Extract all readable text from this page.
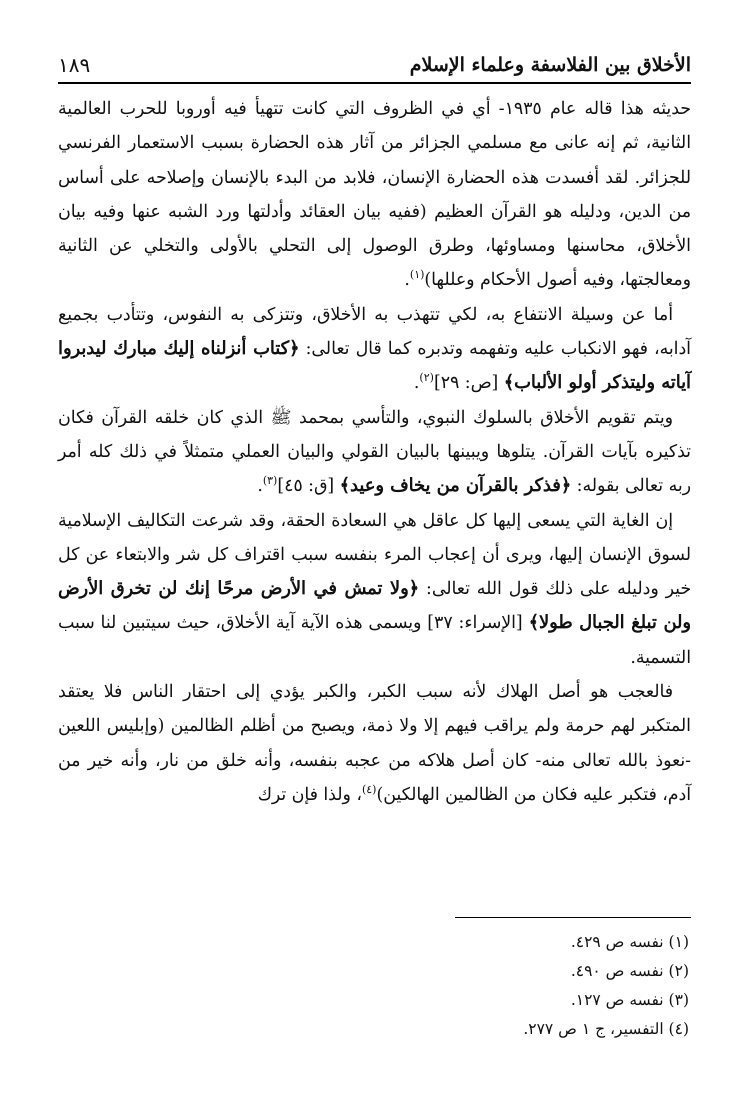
الأخلاق بين الفلاسفة وعلماء الإسلام
١٨٩

حديثه هذا قاله عام ١٩٣٥- أي في الظروف التي كانت تتهيأ فيه أوروبا للحرب العالمية الثانية، ثم إنه عانى مع مسلمي الجزائر من آثار هذه الحضارة بسبب الاستعمار الفرنسي للجزائر. لقد أفسدت هذه الحضارة الإنسان، فلابد من البدء بالإنسان وإصلاحه على أساس من الدين، ودليله هو القرآن العظيم (ففيه بيان العقائد وأدلتها ورد الشبه عنها وفيه بيان الأخلاق، محاسنها ومساوئها، وطرق الوصول إلى التحلي بالأولى والتخلي عن الثانية ومعالجتها، وفيه أصول الأحكام وعللها)$^{(١)}$.

أما عن وسيلة الانتفاع به، لكي تتهذب به الأخلاق، وتتزكى به النفوس، وتتأدب بجميع آدابه، فهو الانكباب عليه وتفهمه وتدبره كما قال تعالى: ﴿كتاب أنزلناه إليك مبارك ليدبروا آياته وليتذكر أولو الألباب﴾ [ص: ٢٩]$^{(٢)}$.

ويتم تقويم الأخلاق بالسلوك النبوي، والتأسي بمحمد ﷺ الذي كان خلقه القرآن فكان تذكيره بآيات القرآن. يتلوها ويبينها بالبيان القولي والبيان العملي متمثلاً في ذلك كله أمر ربه تعالى بقوله: ﴿فذكر بالقرآن من يخاف وعيد﴾ [ق: ٤٥]$^{(٣)}$.

إن الغاية التي يسعى إليها كل عاقل هي السعادة الحقة، وقد شرعت التكاليف الإسلامية لسوق الإنسان إليها، ويرى أن إعجاب المرء بنفسه سبب اقتراف كل شر والابتعاء عن كل خير ودليله على ذلك قول الله تعالى: ﴿ولا تمش في الأرض مرحًا إنك لن تخرق الأرض ولن تبلغ الجبال طولا﴾ [الإسراء: ٣٧] ويسمى هذه الآية آية الأخلاق، حيث سيتبين لنا سبب التسمية.

فالعجب هو أصل الهلاك لأنه سبب الكبر، والكبر يؤدي إلى احتقار الناس فلا يعتقد المتكبر لهم حرمة ولم يراقب فيهم إلا ولا ذمة، ويصبح من أظلم الظالمين (وإبليس اللعين -نعوذ بالله تعالى منه- كان أصل هلاكه من عجبه بنفسه، وأنه خلق من نار، وأنه خير من آدم، فتكبر عليه فكان من الظالمين الهالكين)$^{(٤)}$، ولذا فإن ترك

(١) نفسه ص ٤٢٩.

(٢) نفسه ص ٤٩٠.

(٣) نفسه ص ١٢٧.

(٤) التفسير، ج ١ ص ٢٧٧.
